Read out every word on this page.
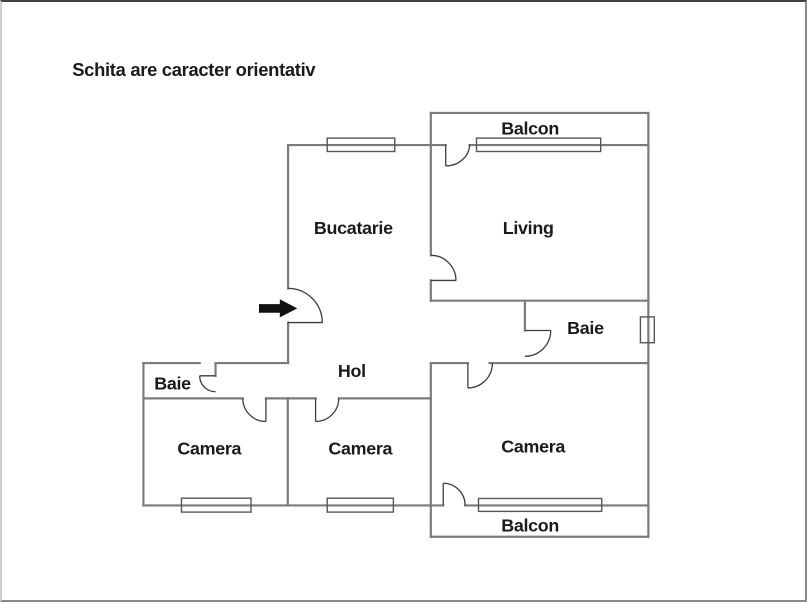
Schita are caracter orientativ
Bucatarie	Living
Balcon
Baie
Hol
Baie
Camera	Camera	Camera
Balcon
